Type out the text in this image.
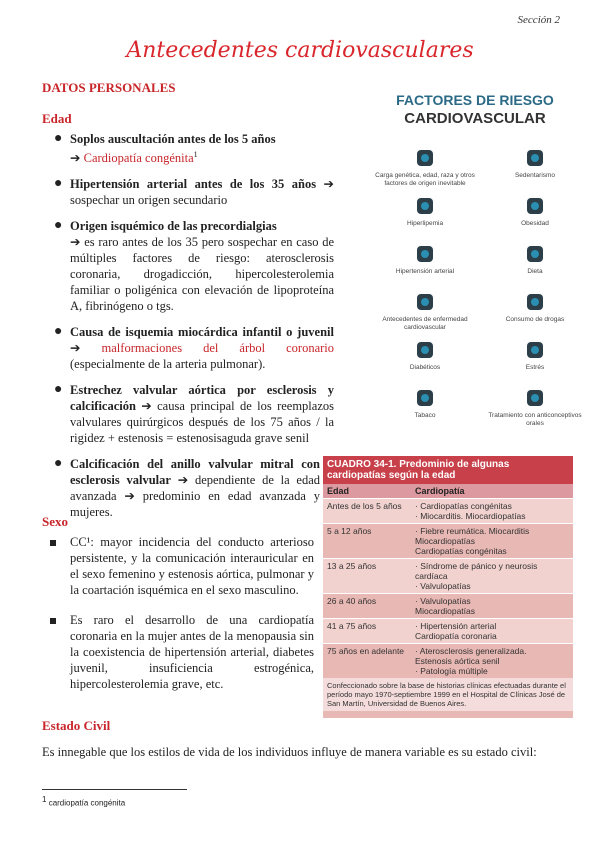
Sección 2
Antecedentes cardiovasculares
DATOS PERSONALES
Edad
● Soplos auscultación antes de los 5 años
➔ Cardiopatía congénita$^1$
● Hipertensión arterial antes de los 35 años ➔ sospechar un origen secundario
● Origen isquémico de las precordialgias
➔ es raro antes de los 35 pero sospechar en caso de múltiples factores de riesgo: aterosclerosis coronaria, drogadicción, hipercolesterolemia familiar o poligénica con elevación de lipoproteína A, fibrinógeno o tgs.
● Causa de isquemia miocárdica infantil o juvenil ➔ malformaciones del árbol coronario (especialmente de la arteria pulmonar).
● Estrechez valvular aórtica por esclerosis y calcificación ➔ causa principal de los reemplazos valvulares quirúrgicos después de los 75 años / la rigidez + estenosis = estenosisaguda grave senil
● Calcificación del anillo valvular mitral con esclerosis valvular ➔ dependiente de la edad avanzada ➔ predominio en edad avanzada y mujeres.
Sexo
CC¹: mayor incidencia del conducto arterioso persistente, y la comunicación interauricular en el sexo femenino y estenosis aórtica, pulmonar y la coartación isquémica en el sexo masculino.
Es raro el desarrollo de una cardiopatía coronaria en la mujer antes de la menopausia sin la coexistencia de hipertensión arterial, diabetes juvenil, insuficiencia estrogénica, hipercolesterolemia grave, etc.
Estado Civil
Es innegable que los estilos de vida de los individuos influye de manera variable es su estado civil:
$^1$ cardiopatía congénita
FACTORES DE RIESGO
CARDIOVASCULAR
Carga genética, edad, raza y otros factores de origen inevitable
Sedentarismo
Hiperlipemia	Obesidad
Hipertensión arterial	Dieta
Antecedentes de enfermedad cardiovascular
Consumo de drogas
Diabéticos	Estrés
Tabaco	Tratamiento con anticonceptivos orales
CUADRO 34-1. Predominio de algunas cardiopatías según la edad
Edad	Cardiopatía
Antes de los 5 años	· Cardiopatías congénitas
· Miocarditis. Miocardiopatías
5 a 12 años	· Fiebre reumática. Miocarditis
Miocardiopatías
Cardiopatías congénitas
13 a 25 años	· Síndrome de pánico y neurosis cardíaca
· Valvulopatías
26 a 40 años	· Valvulopatías
Miocardiopatías
41 a 75 años	· Hipertensión arterial
Cardiopatía coronaria
75 años en adelante	· Aterosclerosis generalizada.
Estenosis aórtica senil
· Patología múltiple
Confeccionado sobre la base de historias clínicas efectuadas durante el período mayo 1970-septiembre 1999 en el Hospital de Clínicas José de San Martín, Universidad de Buenos Aires.
